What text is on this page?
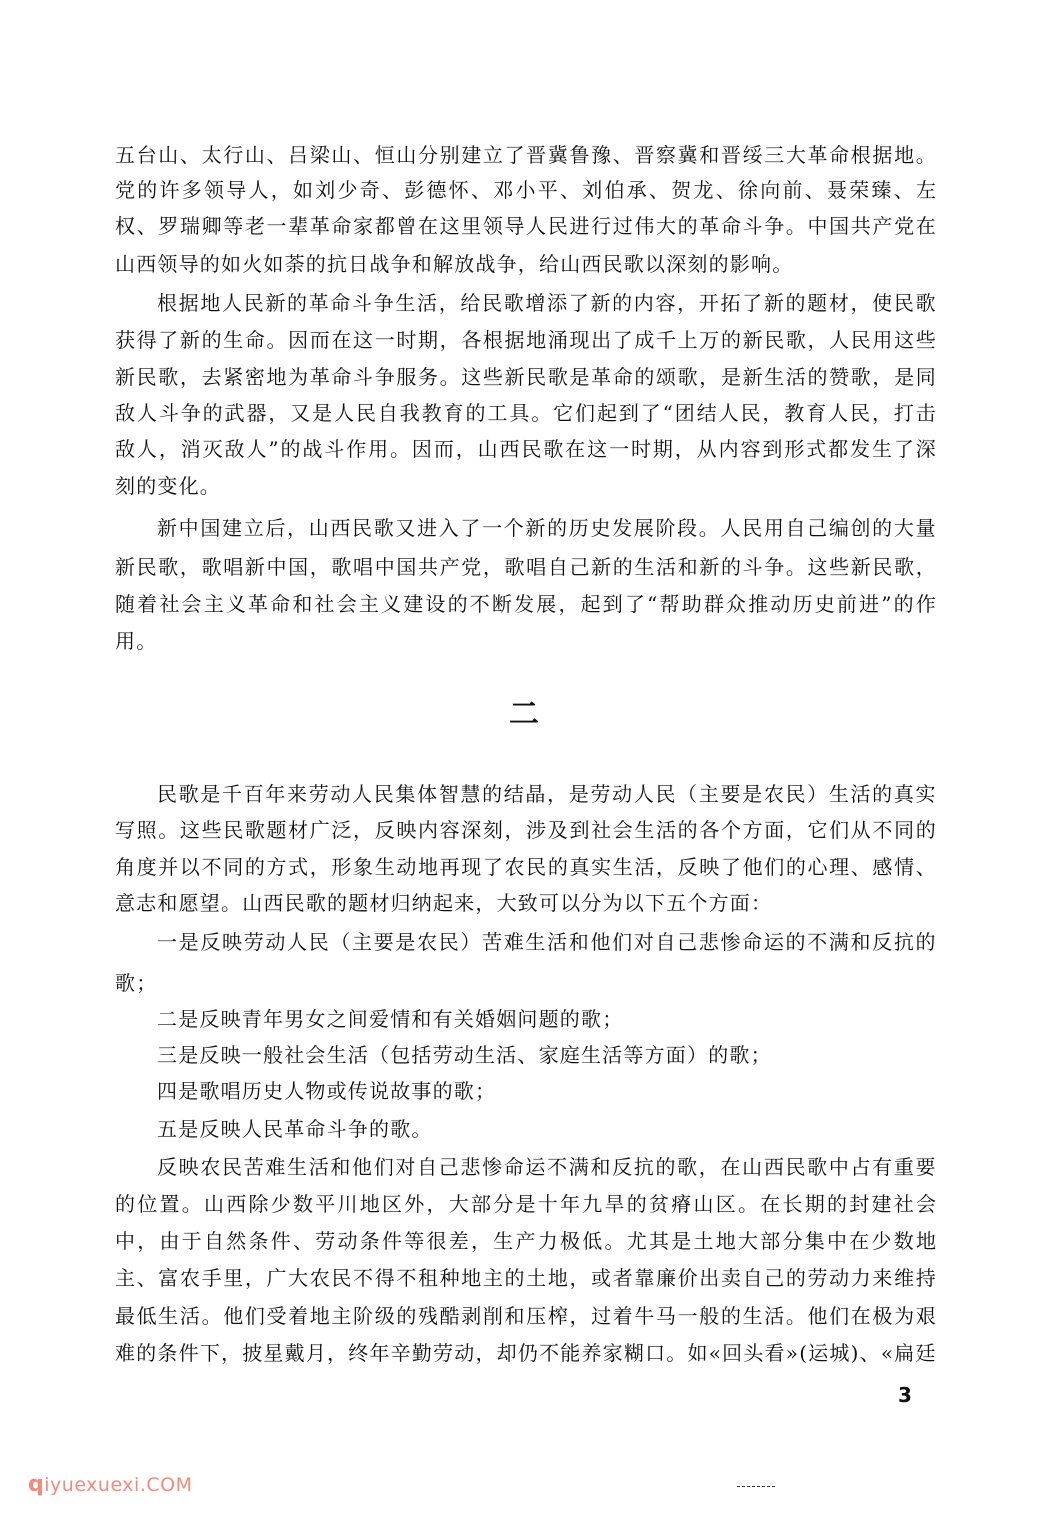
五 台 山 、 太 行 山 、 吕 梁 山 、 恒 山 分 别 建 立 了 晋 冀 鲁 豫 、 晋 察 冀 和 晋 绥 三 大 革 命 根 据 地 。
党 的 许 多 领 导 人 ， 如 刘 少 奇 、 彭 德 怀 、 邓 小 平 、 刘 伯 承 、 贺 龙 、 徐 向 前 、 聂 荣 臻 、 左
权 、 罗 瑞 卿 等 老 一 辈 革 命 家 都 曾 在 这 里 领 导 人 民 进 行 过 伟 大 的 革 命 斗 争 。 中 国 共 产 党 在
山西领导的如火如荼的抗日战争和解放战争，给山西民歌以深刻的影响。
根 据 地 人 民 新 的 革 命 斗 争 生 活 ， 给 民 歌 增 添 了 新 的 内 容 ， 开 拓 了 新 的 题 材 ， 使 民 歌
获 得 了 新 的 生 命 。 因 而 在 这 一 时 期 ， 各 根 据 地 涌 现 出 了 成 千 上 万 的 新 民 歌 ， 人 民 用 这 些
新 民 歌 ， 去 紧 密 地 为 革 命 斗 争 服 务 。 这 些 新 民 歌 是 革 命 的 颂 歌 ， 是 新 生 活 的 赞 歌 ， 是 同
敌 人 斗 争 的 武 器 ， 又 是 人 民 自 我 教 育 的 工 具 。 它 们 起 到 了 “ 团 结 人 民 ， 教 育 人 民 ， 打 击
敌 人 ， 消 灭 敌 人 ” 的 战 斗 作 用 。 因 而 ， 山 西 民 歌 在 这 一 时 期 ， 从 内 容 到 形 式 都 发 生 了 深
刻的变化。
新 中 国 建 立 后 ， 山 西 民 歌 又 进 入 了 一 个 新 的 历 史 发 展 阶 段 。 人 民 用 自 己 编 创 的 大 量
新 民 歌 ， 歌 唱 新 中 国 ， 歌 唱 中 国 共 产 党 ， 歌 唱 自 己 新 的 生 活 和 新 的 斗 争 。 这 些 新 民 歌 ，
随 着 社 会 主 义 革 命 和 社 会 主 义 建 设 的 不 断 发 展 ， 起 到 了 “ 帮 助 群 众 推 动 历 史 前 进 ” 的 作
用。
二
民 歌 是 千 百 年 来 劳 动 人 民 集 体 智 慧 的 结 晶 ， 是 劳 动 人 民 （ 主 要 是 农 民 ） 生 活 的 真 实
写 照 。 这 些 民 歌 题 材 广 泛 ， 反 映 内 容 深 刻 ， 涉 及 到 社 会 生 活 的 各 个 方 面 ， 它 们 从 不 同 的
角 度 并 以 不 同 的 方 式 ， 形 象 生 动 地 再 现 了 农 民 的 真 实 生 活 ， 反 映 了 他 们 的 心 理 、 感 情 、
意志和愿望。山西民歌的题材归纳起来，大致可以分为以下五个方面：
一 是 反 映 劳 动 人 民 （ 主 要 是 农 民 ） 苦 难 生 活 和 他 们 对 自 己 悲 惨 命 运 的 不 满 和 反 抗 的
歌；
二是反映青年男女之间爱情和有关婚姻问题的歌；
三是反映一般社会生活（包括劳动生活、家庭生活等方面）的歌；
四是歌唱历史人物或传说故事的歌；
五是反映人民革命斗争的歌。
反 映 农 民 苦 难 生 活 和 他 们 对 自 己 悲 惨 命 运 不 满 和 反 抗 的 歌 ， 在 山 西 民 歌 中 占 有 重 要
的 位 置 。 山 西 除 少 数 平 川 地 区 外 ， 大 部 分 是 十 年 九 旱 的 贫 瘠 山 区 。 在 长 期 的 封 建 社 会
中 ， 由 于 自 然 条 件 、 劳 动 条 件 等 很 差 ， 生 产 力 极 低 。 尤 其 是 土 地 大 部 分 集 中 在 少 数 地
主 、 富 农 手 里 ， 广 大 农 民 不 得 不 租 种 地 主 的 土 地 ， 或 者 靠 廉 价 出 卖 自 己 的 劳 动 力 来 维 持
最 低 生 活 。 他 们 受 着 地 主 阶 级 的 残 酷 剥 削 和 压 榨 ， 过 着 牛 马 一 般 的 生 活 。 他 们 在 极 为 艰
难 的 条 件 下 ， 披 星 戴 月 ， 终 年 辛 勤 劳 动 ， 却 仍 不 能 养 家 糊 口 。 如 « 回 头 看 » ( 运 城 ) 、 « 扁 廷
3
qiyuexuexi.COM
